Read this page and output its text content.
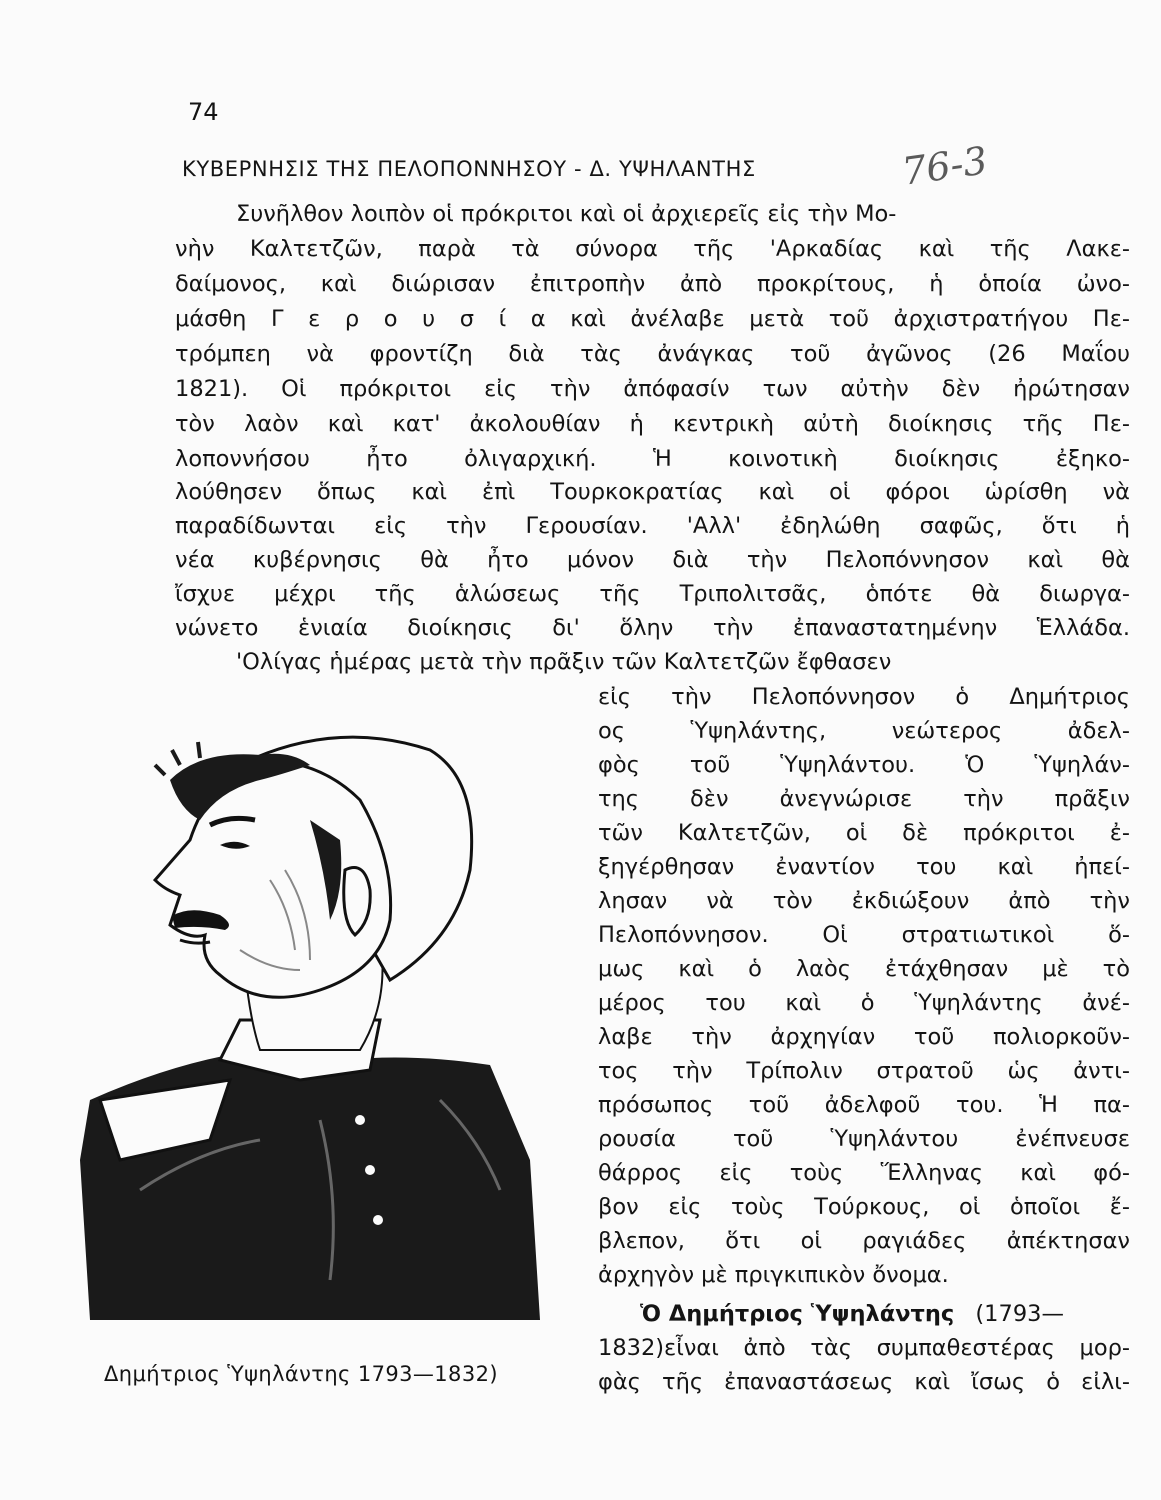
74
ΚΥΒΕΡΝΗΣΙΣ ΤΗΣ ΠΕΛΟΠΟΝΝΗΣΟΥ - Δ. ΥΨΗΛΑΝΤΗΣ	76-3
Συνῆλθον λοιπὸν οἱ πρόκριτοι καὶ οἱ ἀρχιερεῖς εἰς τὴν Μο-
νὴν Καλτετζῶν, παρὰ τὰ σύνορα τῆς 'Αρκαδίας καὶ τῆς Λακε-
δαίμονος, καὶ διώρισαν ἐπιτροπὴν ἀπὸ προκρίτους, ἡ ὁποία ὠνο-
μάσθη Γ ε ρ ο υ σ ί α καὶ ἀνέλαβε μετὰ τοῦ ἀρχιστρατήγου Πε-
τρόμπεη νὰ φροντίζη διὰ τὰς ἀνάγκας τοῦ ἀγῶνος (26 Μαΐου
1821). Οἱ πρόκριτοι εἰς τὴν ἀπόφασίν των αὐτὴν δὲν ἠρώτησαν
τὸν λαὸν καὶ κατ' ἀκολουθίαν ἡ κεντρικὴ αὐτὴ διοίκησις τῆς Πε-
λοποννήσου ἦτο ὀλιγαρχική. Ἡ κοινοτικὴ διοίκησις ἐξηκο-
λούθησεν ὅπως καὶ ἐπὶ Τουρκοκρατίας καὶ οἱ φόροι ὡρίσθη νὰ
παραδίδωνται εἰς τὴν Γερουσίαν. 'Αλλ' ἐδηλώθη σαφῶς, ὅτι ἡ
νέα κυβέρνησις θὰ ἦτο μόνον διὰ τὴν Πελοπόννησον καὶ θὰ
ἴσχυε μέχρι τῆς ἁλώσεως τῆς Τριπολιτσᾶς, ὁπότε θὰ διωργα-
νώνετο ἑνιαία διοίκησις δι' ὅλην τὴν ἐπαναστατημένην Ἑλλάδα.
'Ολίγας ἡμέρας μετὰ τὴν πρᾶξιν τῶν Καλτετζῶν ἔφθασεν
εἰς τὴν Πελοπόννησον ὁ Δημήτριος
ος Ὑψηλάντης, νεώτερος ἀδελ-
φὸς τοῦ Ὑψηλάντου. Ὁ Ὑψηλάν-
της δὲν ἀνεγνώρισε τὴν πρᾶξιν
τῶν Καλτετζῶν, οἱ δὲ πρόκριτοι ἐ-
ξηγέρθησαν ἐναντίον του καὶ ἠπεί-
λησαν νὰ τὸν ἐκδιώξουν ἀπὸ τὴν
Πελοπόννησον. Οἱ στρατιωτικοὶ ὅ-
μως καὶ ὁ λαὸς ἐτάχθησαν μὲ τὸ
μέρος του καὶ ὁ Ὑψηλάντης ἀνέ-
λαβε τὴν ἀρχηγίαν τοῦ πολιορκοῦν-
τος τὴν Τρίπολιν στρατοῦ ὡς ἀντι-
πρόσωπος τοῦ ἀδελφοῦ του. Ἡ πα-
ρουσία τοῦ Ὑψηλάντου ἐνέπνευσε
θάρρος εἰς τοὺς Ἕλληνας καὶ φό-
βον εἰς τοὺς Τούρκους, οἱ ὁποῖοι ἔ-
βλεπον, ὅτι οἱ ραγιάδες ἀπέκτησαν
ἀρχηγὸν μὲ πριγκιπικὸν ὄνομα.
Ὁ Δημήτριος Ὑψηλάντης (1793—
1832)εἶναι ἀπὸ τὰς συμπαθεστέρας μορ-
φὰς τῆς ἐπαναστάσεως καὶ ἴσως ὁ εἰλι-
Δημήτριος Ὑψηλάντης 1793—1832)
